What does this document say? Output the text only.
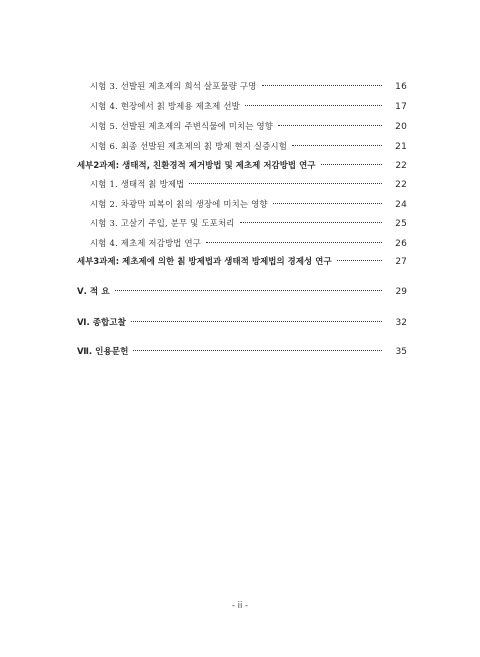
시험 3. 선발된 제초제의 희석 살포물량 구명	16
시험 4. 현장에서 칡 방제용 제초제 선발	17
시험 5. 선발된 제초제의 주변식물에 미치는 영향	20
시험 6. 최종 선발된 제초제의 칡 방제 현지 실증시험	21
세부2과제: 생태적, 친환경적 제거방법 및 제초제 저감방법 연구	22
시험 1. 생태적 칡 방제법	22
시험 2. 차광막 피복이 칡의 생장에 미치는 영향	24
시험 3. 고살기 주입, 분무 및 도포처리	25
시험 4. 제초제 저감방법 연구	26
세부3과제: 제초제에 의한 칡 방제법과 생태적 방제법의 경제성 연구	27
Ⅴ. 적 요	29
Ⅵ. 종합고찰	32
Ⅶ. 인용문헌	35
- ii -
